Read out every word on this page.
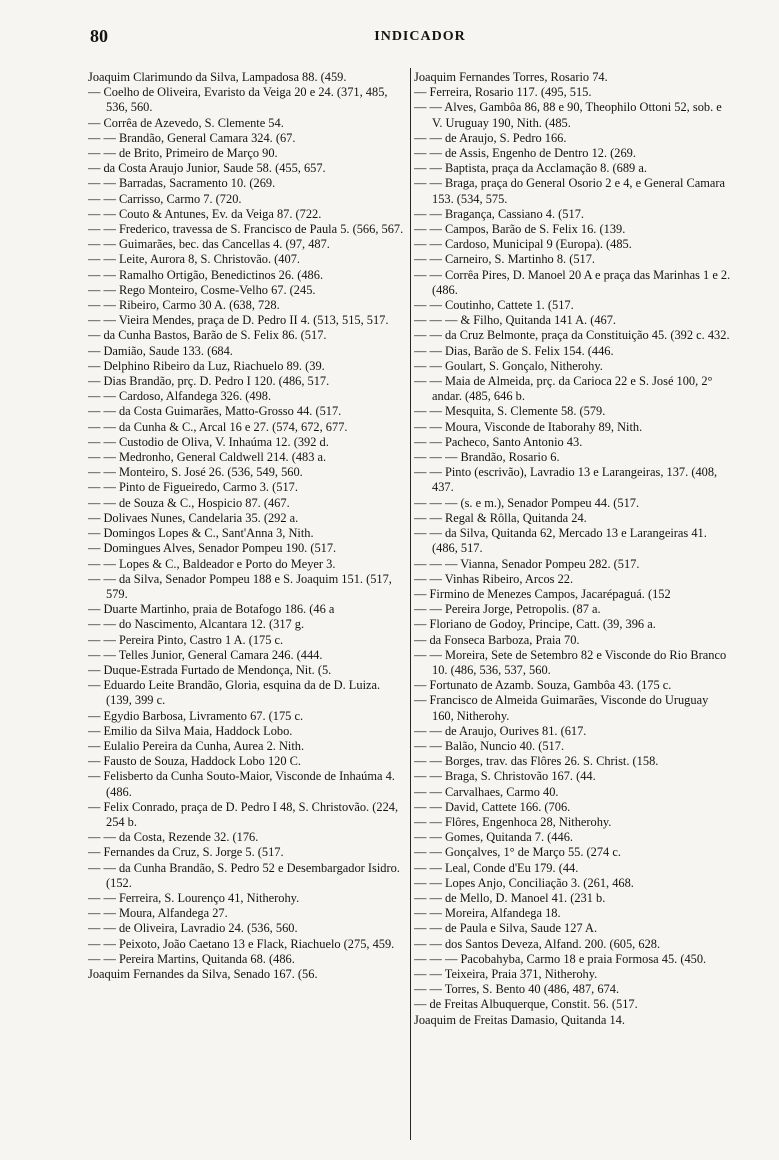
80	INDICADOR

Joaquim Clarimundo da Silva, Lampadosa 88. (459.

— Coelho de Oliveira, Evaristo da Veiga 20 e 24. (371, 485, 536, 560.

— Corrêa de Azevedo, S. Clemente 54.

— — Brandão, General Camara 324. (67.

— — de Brito, Primeiro de Março 90.

— da Costa Araujo Junior, Saude 58. (455, 657.

— — Barradas, Sacramento 10. (269.

— — Carrisso, Carmo 7. (720.

— — Couto & Antunes, Ev. da Veiga 87. (722.

— — Frederico, travessa de S. Francisco de Paula 5. (566, 567.

— — Guimarães, bec. das Cancellas 4. (97, 487.

— — Leite, Aurora 8, S. Christovão. (407.

— — Ramalho Ortigão, Benedictinos 26. (486.

— — Rego Monteiro, Cosme-Velho 67. (245.

— — Ribeiro, Carmo 30 A. (638, 728.

— — Vieira Mendes, praça de D. Pedro II 4. (513, 515, 517.

— da Cunha Bastos, Barão de S. Felix 86. (517.

— Damião, Saude 133. (684.

— Delphino Ribeiro da Luz, Riachuelo 89. (39.

— Dias Brandão, prç. D. Pedro I 120. (486, 517.

— — Cardoso, Alfandega 326. (498.

— — da Costa Guimarães, Matto-Grosso 44. (517.

— — da Cunha & C., Arcal 16 e 27. (574, 672, 677.

— — Custodio de Oliva, V. Inhaúma 12. (392 d.

— — Medronho, General Caldwell 214. (483 a.

— — Monteiro, S. José 26. (536, 549, 560.

— — Pinto de Figueiredo, Carmo 3. (517.

— — de Souza & C., Hospicio 87. (467.

— Dolivaes Nunes, Candelaria 35. (292 a.

— Domingos Lopes & C., Sant'Anna 3, Nith.

— Domingues Alves, Senador Pompeu 190. (517.

— — Lopes & C., Baldeador e Porto do Meyer 3.

— — da Silva, Senador Pompeu 188 e S. Joaquim 151. (517, 579.

— Duarte Martinho, praia de Botafogo 186. (46 a

— — do Nascimento, Alcantara 12. (317 g.

— — Pereira Pinto, Castro 1 A. (175 c.

— — Telles Junior, General Camara 246. (444.

— Duque-Estrada Furtado de Mendonça, Nit. (5.

— Eduardo Leite Brandão, Gloria, esquina da de D. Luiza. (139, 399 c.

— Egydio Barbosa, Livramento 67. (175 c.

— Emilio da Silva Maia, Haddock Lobo.

— Eulalio Pereira da Cunha, Aurea 2. Nith.

— Fausto de Souza, Haddock Lobo 120 C.

— Felisberto da Cunha Souto-Maior, Visconde de Inhaúma 4. (486.

— Felix Conrado, praça de D. Pedro I 48, S. Christovão. (224, 254 b.

— — da Costa, Rezende 32. (176.

— Fernandes da Cruz, S. Jorge 5. (517.

— — da Cunha Brandão, S. Pedro 52 e Desembargador Isidro. (152.

— — Ferreira, S. Lourenço 41, Nitherohy.

— — Moura, Alfandega 27.

— — de Oliveira, Lavradio 24. (536, 560.

— — Peixoto, João Caetano 13 e Flack, Riachuelo (275, 459.

— — Pereira Martins, Quitanda 68. (486.

Joaquim Fernandes da Silva, Senado 167. (56.

Joaquim Fernandes Torres, Rosario 74.

— Ferreira, Rosario 117. (495, 515.

— — Alves, Gambôa 86, 88 e 90, Theophilo Ottoni 52, sob. e V. Uruguay 190, Nith. (485.

— — de Araujo, S. Pedro 166.

— — de Assis, Engenho de Dentro 12. (269.

— — Baptista, praça da Acclamação 8. (689 a.

— — Braga, praça do General Osorio 2 e 4, e General Camara 153. (534, 575.

— — Bragança, Cassiano 4. (517.

— — Campos, Barão de S. Felix 16. (139.

— — Cardoso, Municipal 9 (Europa). (485.

— — Carneiro, S. Martinho 8. (517.

— — Corrêa Pires, D. Manoel 20 A e praça das Marinhas 1 e 2. (486.

— — Coutinho, Cattete 1. (517.

— — — & Filho, Quitanda 141 A. (467.

— — da Cruz Belmonte, praça da Constituição 45. (392 c. 432.

— — Dias, Barão de S. Felix 154. (446.

— — Goulart, S. Gonçalo, Nitherohy.

— — Maia de Almeida, prç. da Carioca 22 e S. José 100, 2° andar. (485, 646 b.

— — Mesquita, S. Clemente 58. (579.

— — Moura, Visconde de Itaborahy 89, Nith.

— — Pacheco, Santo Antonio 43.

— — — Brandão, Rosario 6.

— — Pinto (escrivão), Lavradio 13 e Larangeiras, 137. (408, 437.

— — — (s. e m.), Senador Pompeu 44. (517.

— — Regal & Rôlla, Quitanda 24.

— — da Silva, Quitanda 62, Mercado 13 e Larangeiras 41. (486, 517.

— — — Vianna, Senador Pompeu 282. (517.

— — Vinhas Ribeiro, Arcos 22.

— Firmino de Menezes Campos, Jacarépaguá. (152

— — Pereira Jorge, Petropolis. (87 a.

— Floriano de Godoy, Principe, Catt. (39, 396 a.

— da Fonseca Barboza, Praia 70.

— — Moreira, Sete de Setembro 82 e Visconde do Rio Branco 10. (486, 536, 537, 560.

— Fortunato de Azamb. Souza, Gambôa 43. (175 c.

— Francisco de Almeida Guimarães, Visconde do Uruguay 160, Nitherohy.

— — de Araujo, Ourives 81. (617.

— — Balão, Nuncio 40. (517.

— — Borges, trav. das Flôres 26. S. Christ. (158.

— — Braga, S. Christovão 167. (44.

— — Carvalhaes, Carmo 40.

— — David, Cattete 166. (706.

— — Flôres, Engenhoca 28, Nitherohy.

— — Gomes, Quitanda 7. (446.

— — Gonçalves, 1° de Março 55. (274 c.

— — Leal, Conde d'Eu 179. (44.

— — Lopes Anjo, Conciliação 3. (261, 468.

— — de Mello, D. Manoel 41. (231 b.

— — Moreira, Alfandega 18.

— — de Paula e Silva, Saude 127 A.

— — dos Santos Deveza, Alfand. 200. (605, 628.

— — — Pacobahyba, Carmo 18 e praia Formosa 45. (450.

— — Teixeira, Praia 371, Nitherohy.

— — Torres, S. Bento 40 (486, 487, 674.

— de Freitas Albuquerque, Constit. 56. (517.

Joaquim de Freitas Damasio, Quitanda 14.
